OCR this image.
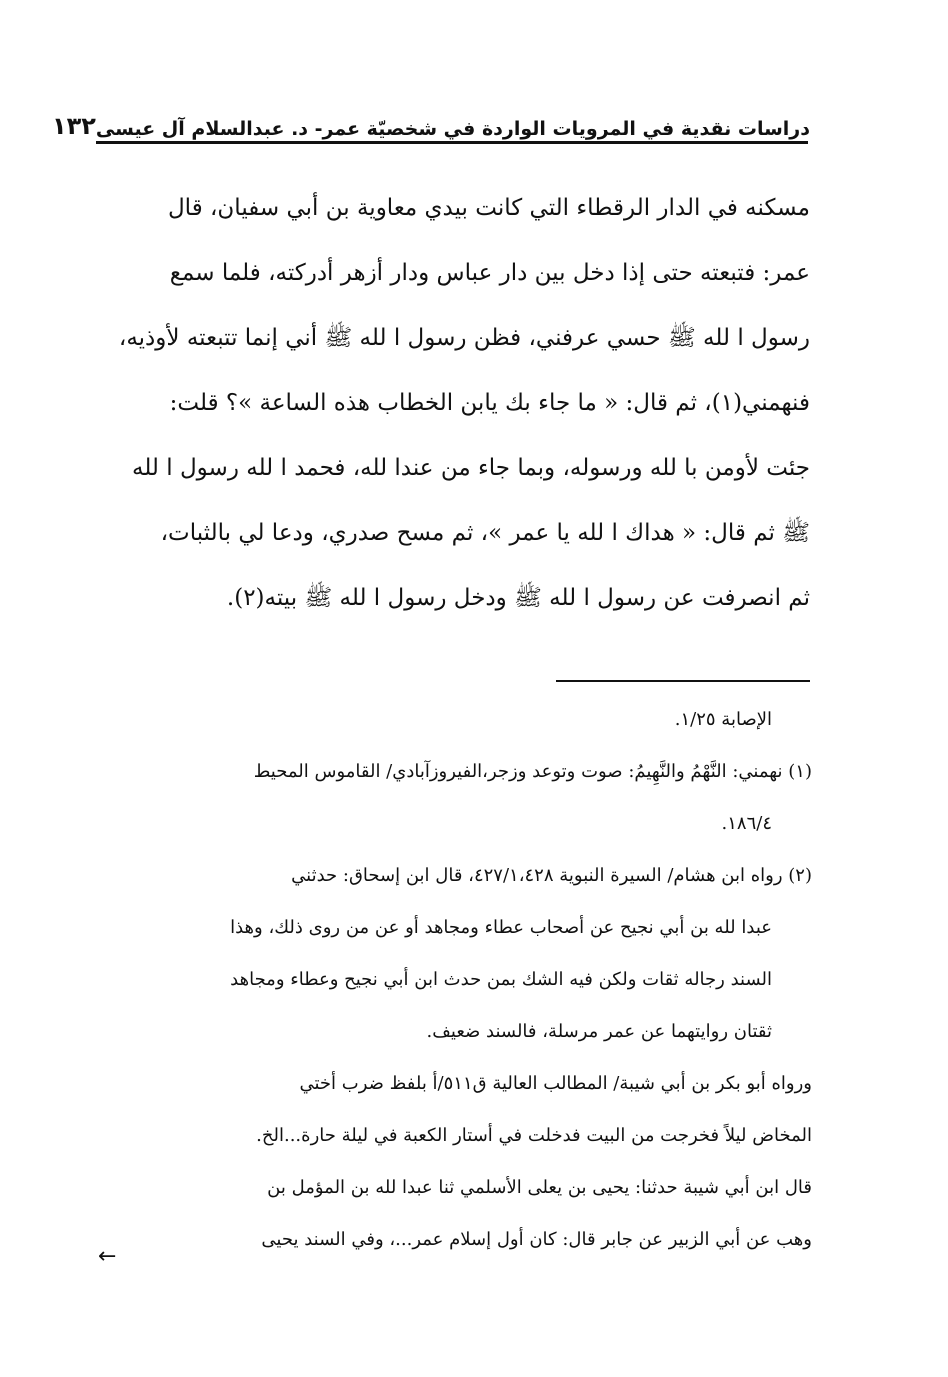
دراسات نقدية في المرويات الواردة في شخصيّة عمر- د. عبدالسلام آل عيسى
١٣٢
مسكنه في الدار الرقطاء التي كانت بيدي معاوية بن أبي سفيان، قال
عمر: فتبعته حتى إذا دخل بين دار عباس ودار أزهر أدركته، فلما سمع
رسول ا لله ﷺ حسي عرفني، فظن رسول ا لله ﷺ أني إنما تتبعته لأوذيه،
فنهمني(١)، ثم قال: « ما جاء بك يابن الخطاب هذه الساعة »؟ قلت:
جئت لأومن با لله ورسوله، وبما جاء من عندا لله، فحمد ا لله رسول ا لله
ﷺ ثم قال: « هداك ا لله يا عمر »، ثم مسح صدري، ودعا لي بالثبات،
ثم انصرفت عن رسول ا لله ﷺ ودخل رسول ا لله ﷺ بيته(٢).
الإصابة ١/٢٥.
(١) نهمني: النَّهْمُ والنَّهِيمُ: صوت وتوعد وزجر،الفيروزآبادي/ القاموس المحيط
١٨٦/٤.
(٢) رواه ابن هشام/ السيرة النبوية ٤٢٧/١،٤٢٨، قال ابن إسحاق: حدثني
عبدا لله بن أبي نجيح عن أصحاب عطاء ومجاهد أو عن من روى ذلك، وهذا
السند رجاله ثقات ولكن فيه الشك بمن حدث ابن أبي نجيح وعطاء ومجاهد
ثقتان روايتهما عن عمر مرسلة، فالسند ضعيف.
ورواه أبو بكر بن أبي شيبة/ المطالب العالية ق٥١١/أ بلفظ ضرب أختي
المخاض ليلاً فخرجت من البيت فدخلت في أستار الكعبة في ليلة حارة...الخ.
قال ابن أبي شيبة حدثنا: يحيى بن يعلى الأسلمي ثنا عبدا لله بن المؤمل بن
وهب عن أبي الزبير عن جابر قال: كان أول إسلام عمر...، وفي السند يحيى
←
